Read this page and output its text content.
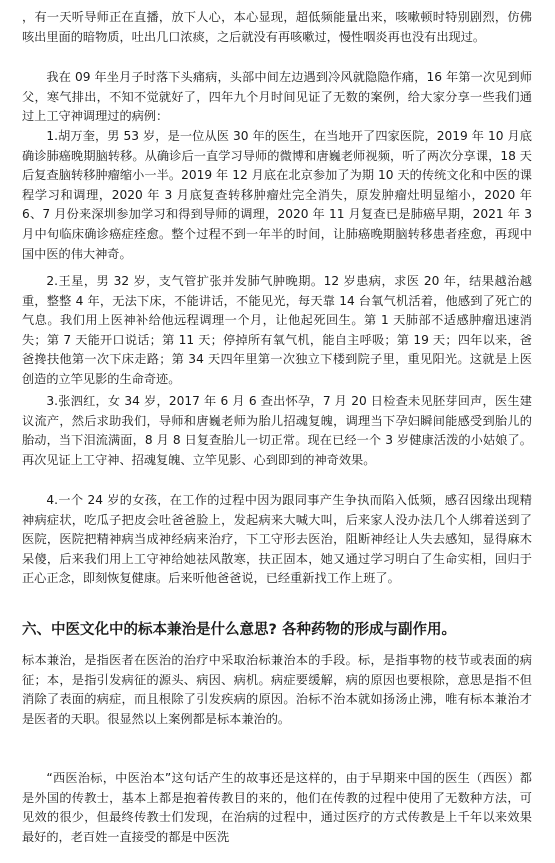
，有一天听导师正在直播，放下人心，本心显现，超低频能量出来，咳嗽顿时特别剧烈，仿佛咳出里面的暗物质，吐出几口浓痰，之后就没有再咳嗽过，慢性咽炎再也没有出现过。

我在 09 年坐月子时落下头痛病，头部中间左边遇到冷风就隐隐作痛，16 年第一次见到师父，寒气排出，不知不觉就好了，四年九个月时间见证了无数的案例，给大家分享一些我们通过上工守神调理过的病例：

1.胡万奎，男 53 岁，是一位从医 30 年的医生，在当地开了四家医院，2019 年 10 月底确诊肺癌晚期脑转移。从确诊后一直学习导师的微博和唐巍老师视频，听了两次分享课，18 天后复查脑转移肿瘤缩小一半。2019 年 12 月底在北京参加了为期 10 天的传统文化和中医的课程学习和调理，2020 年 3 月底复查转移肿瘤灶完全消失，原发肿瘤灶明显缩小，2020 年 6、7 月份来深圳参加学习和得到导师的调理，2020 年 11 月复查已是肺癌早期，2021 年 3 月中旬临床确诊癌症痊愈。整个过程不到一年半的时间，让肺癌晚期脑转移患者痊愈，再现中国中医的伟大神奇。

2.王星，男 32 岁，支气管扩张并发肺气肿晚期。12 岁患病，求医 20 年，结果越治越重，整整 4 年，无法下床，不能讲话，不能见光，每天靠 14 台氧气机活着，他感到了死亡的气息。我们用上医神补给他远程调理一个月，让他起死回生。第 1 天肺部不适感肿瘤迅速消失；第 7 天能开口说话；第 11 天；停掉所有氧气机，能自主呼吸；第 19 天；四年以来，爸爸搀扶他第一次下床走路；第 34 天四年里第一次独立下楼到院子里，重见阳光。这就是上医创造的立竿见影的生命奇迹。

3.张泗红，女 34 岁，2017 年 6 月 6 查出怀孕，7 月 20 日检查未见胚芽回声，医生建议流产，然后求助我们，导师和唐巍老师为胎儿招魂复魄，调理当下孕妇瞬间能感受到胎儿的胎动，当下泪流满面，8 月 8 日复查胎儿一切正常。现在已经一个 3 岁健康活泼的小姑娘了。再次见证上工守神、招魂复魄、立竿见影、心到即到的神奇效果。

4.一个 24 岁的女孩，在工作的过程中因为跟同事产生争执而陷入低频，感召因缘出现精神病症状，吃瓜子把皮会吐爸爸脸上，发起病来大喊大叫，后来家人没办法几个人绑着送到了医院，医院把精神病当成神经病来治疗，下工守形去医治，阻断神经让人失去感知，显得麻木呆傻，后来我们用上工守神给她祛风散寒，扶正固本，她又通过学习明白了生命实相，回归于正心正念，即刻恢复健康。后来听他爸爸说，已经重新找工作上班了。

六、中医文化中的标本兼治是什么意思? 各种药物的形成与副作用。

标本兼治，是指医者在医治的治疗中采取治标兼治本的手段。标，是指事物的枝节或表面的病征；本，是指引发病征的源头、病因、病机。病症要缓解，病的原因也要根除，意思是指不但消除了表面的病症，而且根除了引发疾病的原因。治标不治本就如扬汤止沸，唯有标本兼治才是医者的天职。很显然以上案例都是标本兼治的。

“西医治标，中医治本”这句话产生的故事还是这样的，由于早期来中国的医生（西医）都是外国的传教士，基本上都是抱着传教目的来的，他们在传教的过程中使用了无数种方法，可见效的很少，但最终传教士们发现，在治病的过程中，通过医疗的方式传教是上千年以来效果最好的，老百姓一直接受的都是中医洗
